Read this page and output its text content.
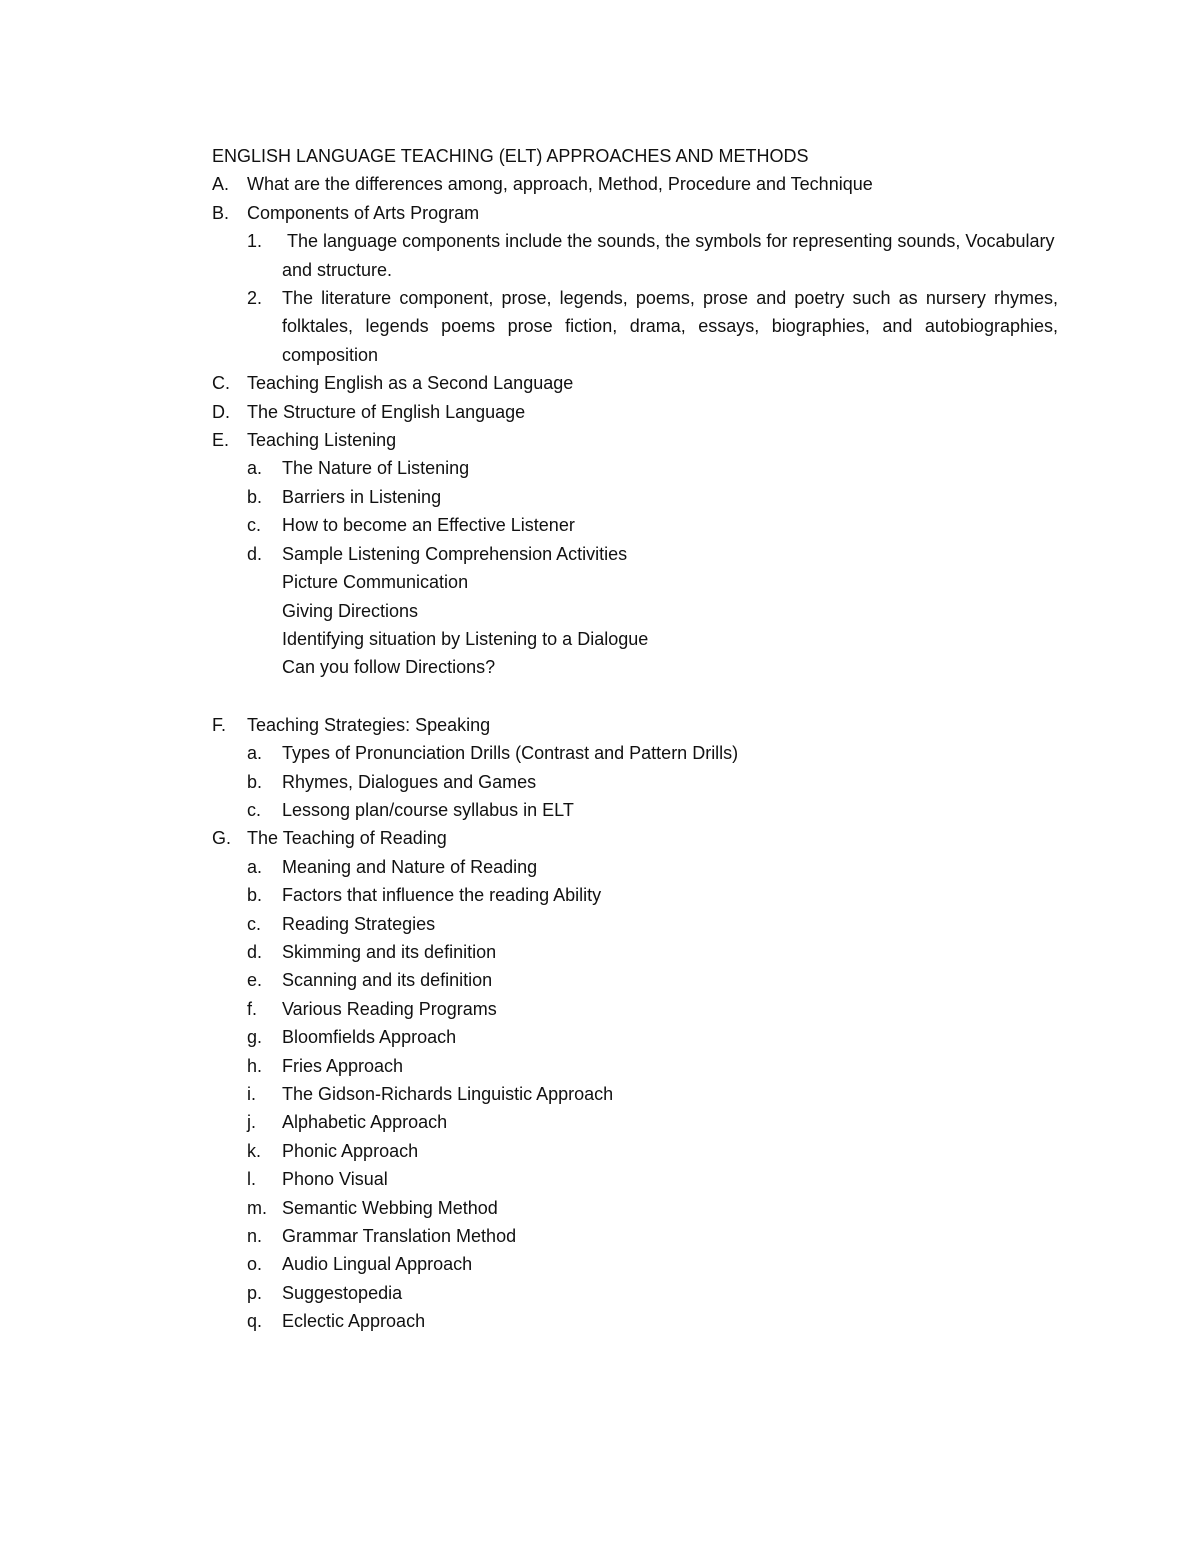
ENGLISH LANGUAGE TEACHING (ELT) APPROACHES AND METHODS
A. What are the differences among, approach, Method, Procedure and Technique
B. Components of Arts Program
1.	The language components include the sounds, the symbols for representing sounds, Vocabulary and structure.
2.	The literature component, prose, legends, poems, prose and poetry such as nursery rhymes, folktales, legends poems prose fiction, drama, essays, biographies, and autobiographies, composition
C. Teaching English as a Second Language
D. The Structure of English Language
E. Teaching Listening
a.	The Nature of Listening
b.	Barriers in Listening
c.	How to become an Effective Listener
d.	Sample Listening Comprehension Activities
Picture Communication
Giving Directions
Identifying situation by Listening to a Dialogue
Can you follow Directions?
F.	Teaching Strategies: Speaking
a.	Types of Pronunciation Drills (Contrast and Pattern Drills)
b.	Rhymes, Dialogues and Games
c.	Lessong plan/course syllabus in ELT
G. The Teaching of Reading
a.	Meaning and Nature of Reading
b.	Factors that influence the reading Ability
c.	Reading Strategies
d.	Skimming and its definition
e.	Scanning and its definition
f.	Various Reading Programs
g.	Bloomfields Approach
h.	Fries Approach
i.	The Gidson-Richards Linguistic Approach
j.	Alphabetic Approach
k.	Phonic Approach
l.	Phono Visual
m. Semantic Webbing Method
n.	Grammar Translation Method
o.	Audio Lingual Approach
p.	Suggestopedia
q.	Eclectic Approach
